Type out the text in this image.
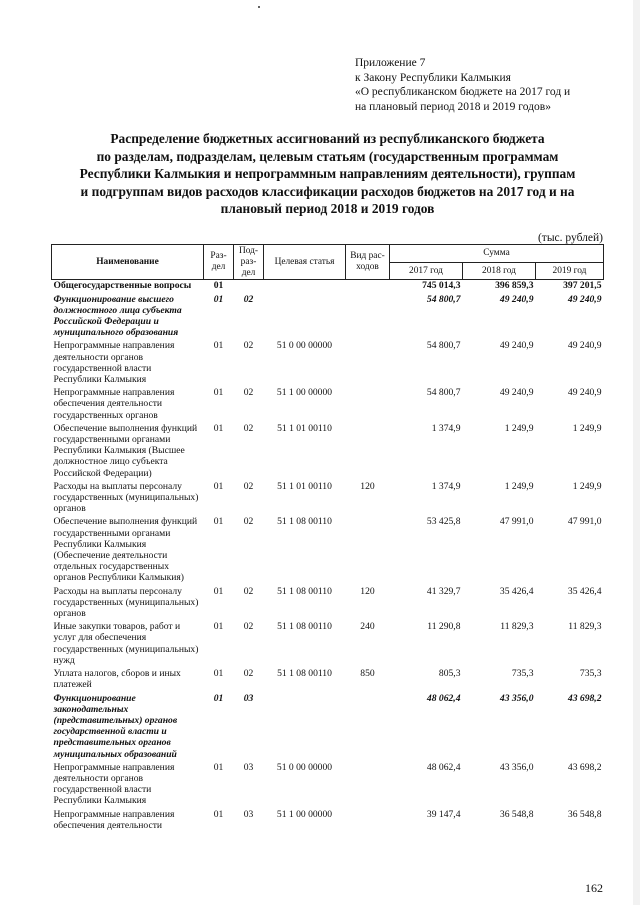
Приложение 7
к Закону Республики Калмыкия
«О республиканском бюджете на 2017 год и
на плановый период 2018 и 2019 годов»
Распределение бюджетных ассигнований из республиканского бюджета
по разделам, подразделам, целевым статьям (государственным программам
Республики Калмыкия и непрограммным направлениям деятельности), группам
и подгруппам видов расходов классификации расходов бюджетов на 2017 год и на
плановый период 2018 и 2019 годов
(тыс. рублей)
Наименование	Раз-дел	Под-раз-дел	Целевая статья	Вид рас-ходов	Сумма		
					2017 год	2018 год	2019 год
Общегосударственные вопросы	01				745 014,3	396 859,3	397 201,5
Функционирование высшего должностного лица субъекта Российской Федерации и муниципального образования	01	02			54 800,7	49 240,9	49 240,9
Непрограммные направления деятельности органов государственной власти Республики Калмыкия	01	02	51 0 00 00000		54 800,7	49 240,9	49 240,9
Непрограммные направления обеспечения деятельности государственных органов	01	02	51 1 00 00000		54 800,7	49 240,9	49 240,9
Обеспечение выполнения функций государственными органами Республики Калмыкия (Высшее должностное лицо субъекта Российской Федерации)	01	02	51 1 01 00110		1 374,9	1 249,9	1 249,9
Расходы на выплаты персоналу государственных (муниципальных) органов	01	02	51 1 01 00110	120	1 374,9	1 249,9	1 249,9
Обеспечение выполнения функций государственными органами Республики Калмыкия (Обеспечение деятельности отдельных государственных органов Республики Калмыкия)	01	02	51 1 08 00110		53 425,8	47 991,0	47 991,0
Расходы на выплаты персоналу государственных (муниципальных) органов	01	02	51 1 08 00110	120	41 329,7	35 426,4	35 426,4
Иные закупки товаров, работ и услуг для обеспечения государственных (муниципальных) нужд	01	02	51 1 08 00110	240	11 290,8	11 829,3	11 829,3
Уплата налогов, сборов и иных платежей	01	02	51 1 08 00110	850	805,3	735,3	735,3
Функционирование законодательных (представительных) органов государственной власти и представительных органов муниципальных образований	01	03			48 062,4	43 356,0	43 698,2
Непрограммные направления деятельности органов государственной власти Республики Калмыкия	01	03	51 0 00 00000		48 062,4	43 356,0	43 698,2
Непрограммные направления обеспечения деятельности	01	03	51 1 00 00000		39 147,4	36 548,8	36 548,8
162
